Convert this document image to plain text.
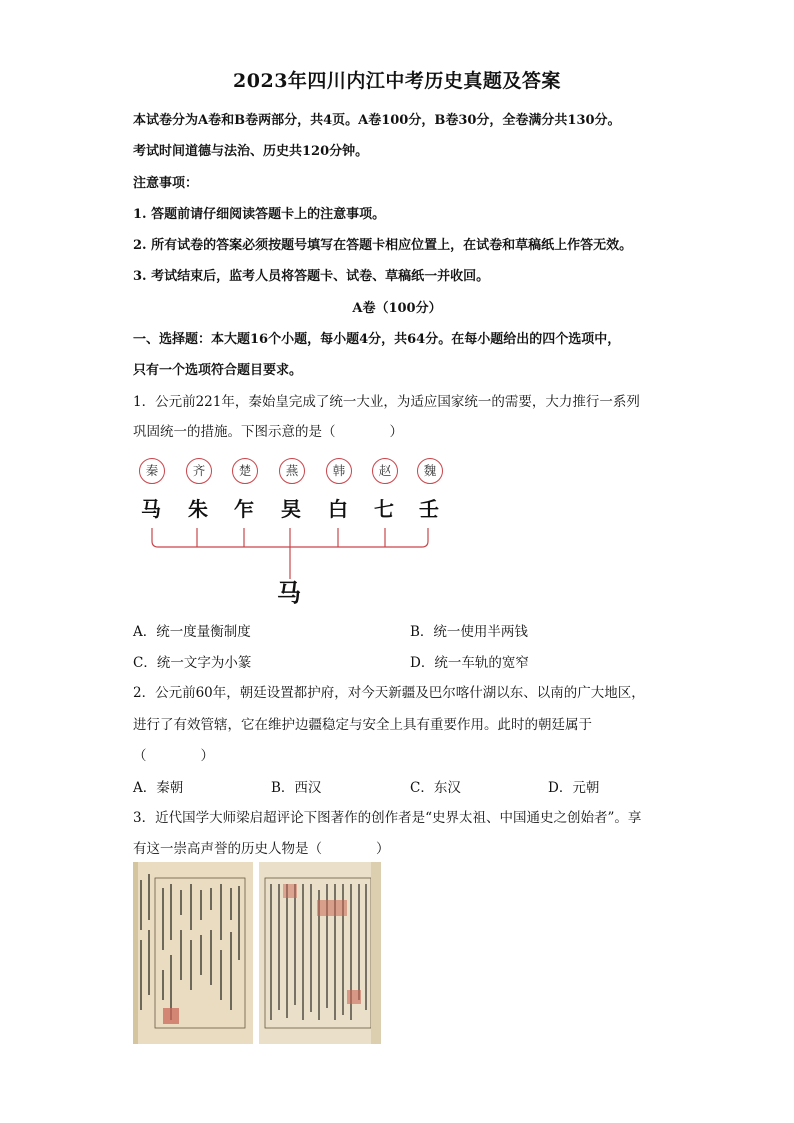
2023年四川内江中考历史真题及答案
本试卷分为A卷和B卷两部分，共4页。A卷100分，B卷30分，全卷满分共130分。
考试时间道德与法治、历史共120分钟。
注意事项：
1. 答题前请仔细阅读答题卡上的注意事项。
2. 所有试卷的答案必须按题号填写在答题卡相应位置上，在试卷和草稿纸上作答无效。
3. 考试结束后，监考人员将答题卡、试卷、草稿纸一并收回。
A卷（100分）
一、选择题：本大题16个小题，每小题4分，共64分。在每小题给出的四个选项中，
只有一个选项符合题目要求。
1．公元前221年，秦始皇完成了统一大业，为适应国家统一的需要，大力推行一系列
巩固统一的措施。下图示意的是（　　　　）
秦	齐	楚	燕	韩	赵	魏
马 朱 乍 旲 白 七 壬
马
A．统一度量衡制度	B．统一使用半两钱
C．统一文字为小篆	D．统一车轨的宽窄
2．公元前60年，朝廷设置都护府，对今天新疆及巴尔喀什湖以东、以南的广大地区，
进行了有效管辖，它在维护边疆稳定与安全上具有重要作用。此时的朝廷属于
（　　　　）
A．秦朝	B．西汉	C．东汉	D．元朝
3．近代国学大师梁启超评论下图著作的创作者是“史界太祖、中国通史之创始者”。享
有这一崇高声誉的历史人物是（　　　　）
